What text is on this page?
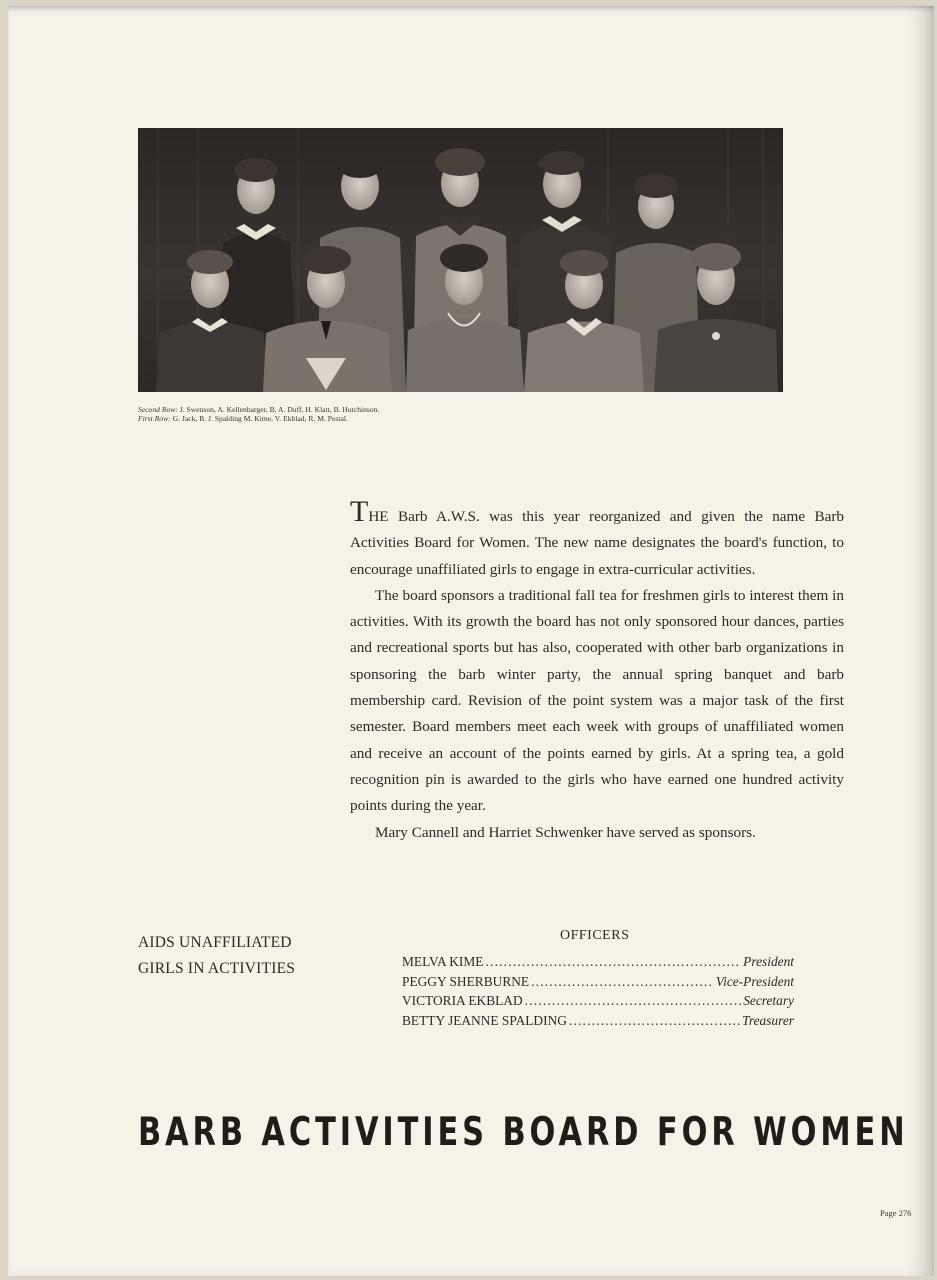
Second Row: J. Swenson, A. Kellenbarger, B. A. Duff, H. Klatt, B. Hutchinson.
First Row: G. Jack, B. J. Spalding M. Kime, V. Ekblad, R. M. Pestal.

THE Barb A.W.S. was this year reorganized and given the name Barb Activities Board for Women. The new name designates the board's function, to encourage unaffiliated girls to engage in extra-curricular activities.

The board sponsors a traditional fall tea for freshmen girls to interest them in activities. With its growth the board has not only sponsored hour dances, parties and recreational sports but has also, cooperated with other barb organizations in sponsoring the barb winter party, the annual spring banquet and barb membership card. Revision of the point system was a major task of the first semester. Board members meet each week with groups of unaffiliated women and receive an account of the points earned by girls. At a spring tea, a gold recognition pin is awarded to the girls who have earned one hundred activity points during the year.

Mary Cannell and Harriet Schwenker have served as sponsors.

AIDS UNAFFILIATED
GIRLS IN ACTIVITIES
OFFICERS
MELVA KIME .....	President
PEGGY SHERBURNE .....	Vice-President
VICTORIA EKBLAD .....	Secretary
BETTY JEANNE SPALDING .....	Treasurer
BARB ACTIVITIES BOARD FOR WOMEN
Page 276
